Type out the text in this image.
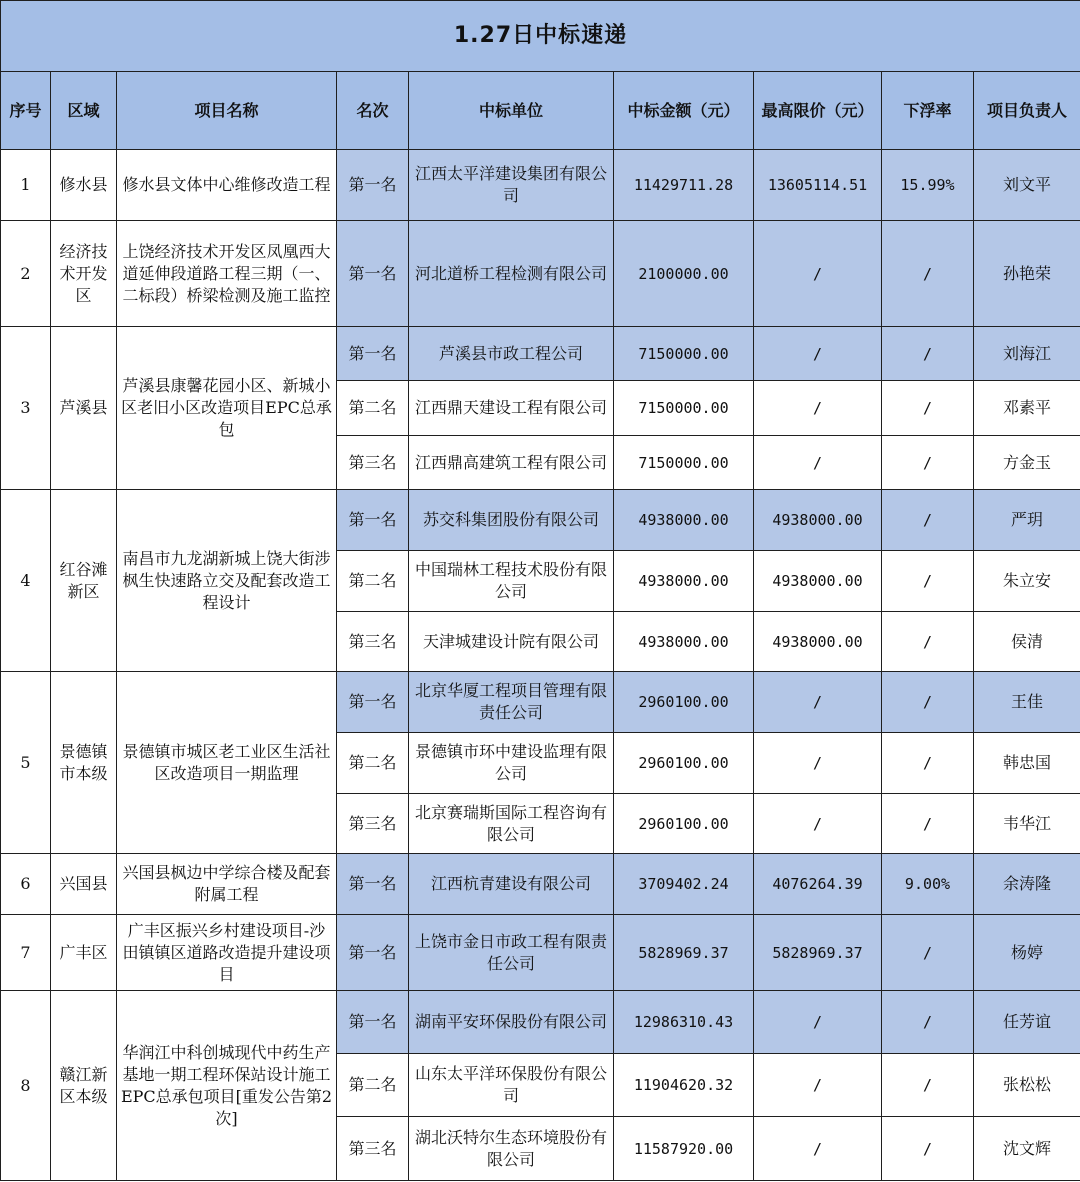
1.27日中标速递								
序号	区域	项目名称	名次	中标单位	中标金额（元）	最高限价（元）	下浮率	项目负责人
1	修水县	修水县文体中心维修改造工程	第一名	江西太平洋建设集团有限公司	11429711.28	13605114.51	15.99%	刘文平
2	经济技术开发区	上饶经济技术开发区凤凰西大道延伸段道路工程三期（一、二标段）桥梁检测及施工监控	第一名	河北道桥工程检测有限公司	2100000.00	/	/	孙艳荣
3	芦溪县	芦溪县康馨花园小区、新城小区老旧小区改造项目EPC总承包	第一名	芦溪县市政工程公司	7150000.00	/	/	刘海江
			第二名	江西鼎天建设工程有限公司	7150000.00	/	/	邓素平
			第三名	江西鼎高建筑工程有限公司	7150000.00	/	/	方金玉
4	红谷滩新区	南昌市九龙湖新城上饶大街涉枫生快速路立交及配套改造工程设计	第一名	苏交科集团股份有限公司	4938000.00	4938000.00	/	严玥
			第二名	中国瑞林工程技术股份有限公司	4938000.00	4938000.00	/	朱立安
			第三名	天津城建设计院有限公司	4938000.00	4938000.00	/	侯清
5	景德镇市本级	景德镇市城区老工业区生活社区改造项目一期监理	第一名	北京华厦工程项目管理有限责任公司	2960100.00	/	/	王佳
			第二名	景德镇市环中建设监理有限公司	2960100.00	/	/	韩忠国
			第三名	北京赛瑞斯国际工程咨询有限公司	2960100.00	/	/	韦华江
6	兴国县	兴国县枫边中学综合楼及配套附属工程	第一名	江西杭青建设有限公司	3709402.24	4076264.39	9.00%	余涛隆
7	广丰区	广丰区振兴乡村建设项目-沙田镇镇区道路改造提升建设项目	第一名	上饶市金日市政工程有限责任公司	5828969.37	5828969.37	/	杨婷
8	赣江新区本级	华润江中科创城现代中药生产基地一期工程环保站设计施工EPC总承包项目[重发公告第2次]	第一名	湖南平安环保股份有限公司	12986310.43	/	/	任芳谊
			第二名	山东太平洋环保股份有限公司	11904620.32	/	/	张松松
			第三名	湖北沃特尔生态环境股份有限公司	11587920.00	/	/	沈文辉
